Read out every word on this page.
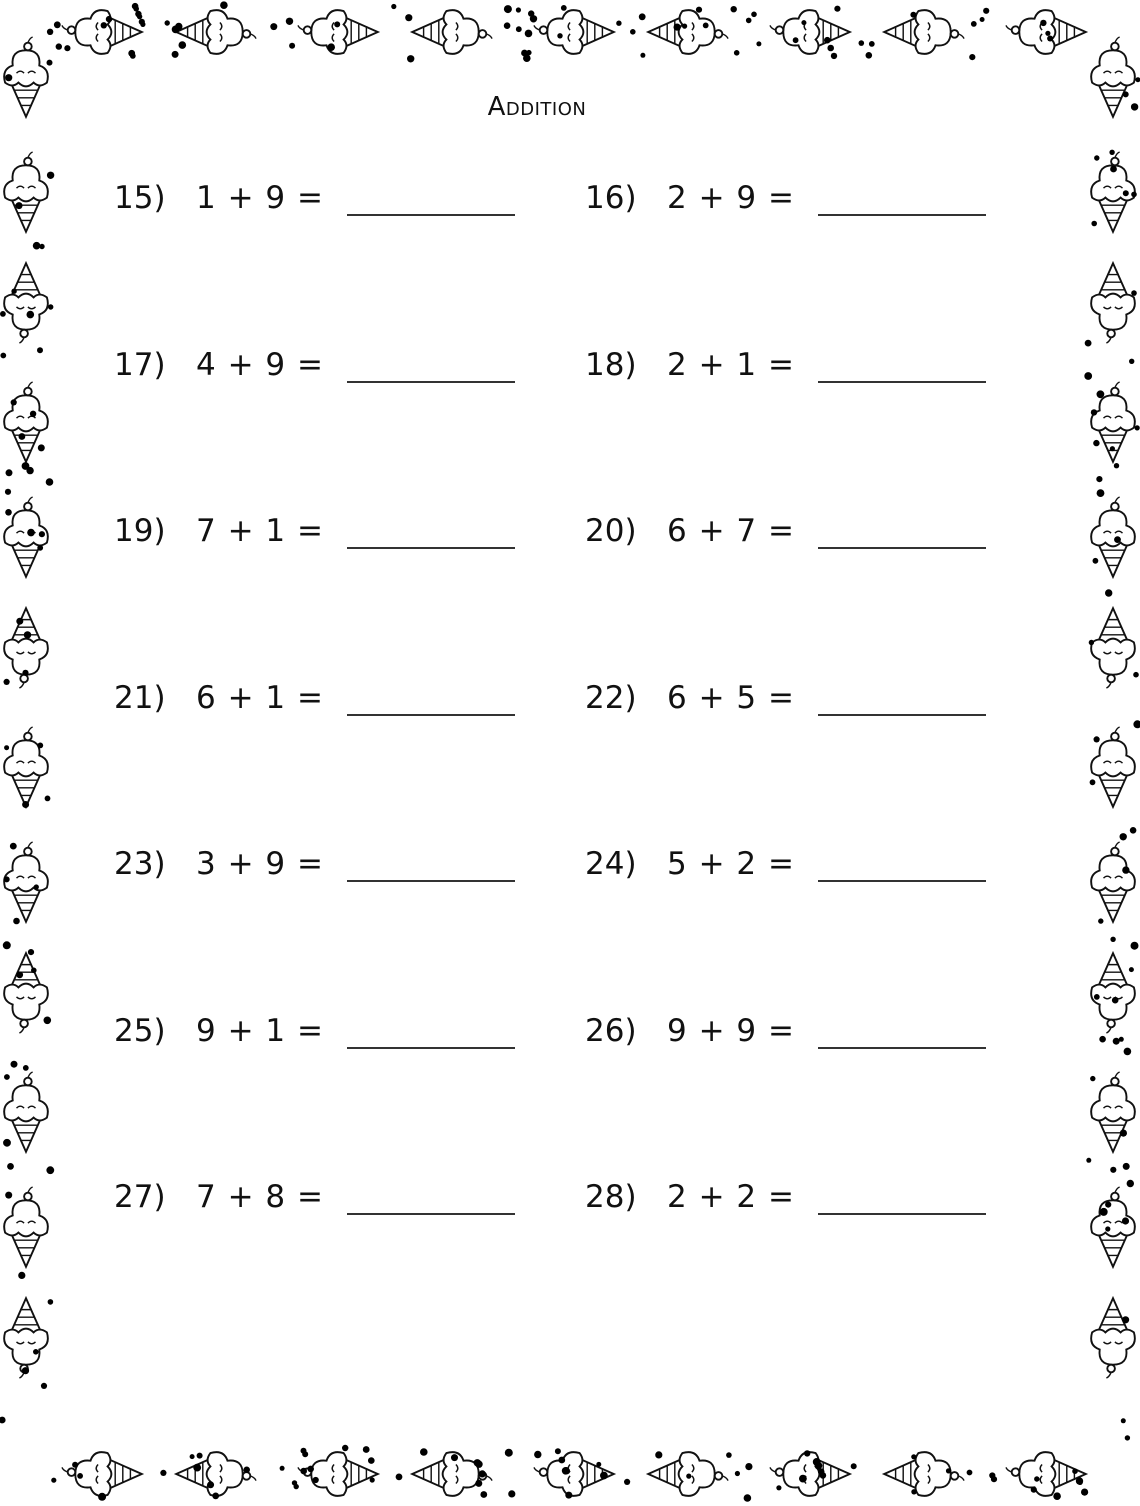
Addition
15) 1 + 9 =	16) 2 + 9 =
17) 4 + 9 =	18) 2 + 1 =
19) 7 + 1 =	20) 6 + 7 =
21) 6 + 1 =	22) 6 + 5 =
23) 3 + 9 =	24) 5 + 2 =
25) 9 + 1 =	26) 9 + 9 =
27) 7 + 8 =	28) 2 + 2 =
